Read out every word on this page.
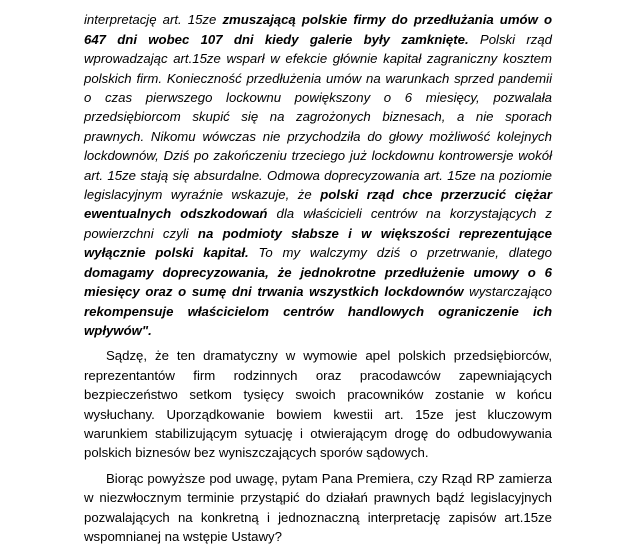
interpretację art. 15ze zmuszającą polskie firmy do przedłużania umów o 647 dni wobec 107 dni kiedy galerie były zamknięte. Polski rząd wprowadzając art.15ze wsparł w efekcie głównie kapitał zagraniczny kosztem polskich firm. Konieczność przedłużenia umów na warunkach sprzed pandemii o czas pierwszego lockownu powiększony o 6 miesięcy, pozwalała przedsiębiorcom skupić się na zagrożonych biznesach, a nie sporach prawnych. Nikomu wówczas nie przychodziła do głowy możliwość kolejnych lockdownów, Dziś po zakończeniu trzeciego już lockdownu kontrowersje wokół art. 15ze stają się absurdalne. Odmowa doprecyzowania art. 15ze na poziomie legislacyjnym wyraźnie wskazuje, że polski rząd chce przerzucić ciężar ewentualnych odszkodowań dla właścicieli centrów na korzystających z powierzchni czyli na podmioty słabsze i w większości reprezentujące wyłącznie polski kapitał. To my walczymy dziś o przetrwanie, dlatego domagamy doprecyzowania, że jednokrotne przedłużenie umowy o 6 miesięcy oraz o sumę dni trwania wszystkich lockdownów wystarczająco rekompensuje właścicielom centrów handlowych ograniczenie ich wpływów".

Sądzę, że ten dramatyczny w wymowie apel polskich przedsiębiorców, reprezentantów firm rodzinnych oraz pracodawców zapewniających bezpieczeństwo setkom tysięcy swoich pracowników zostanie w końcu wysłuchany. Uporządkowanie bowiem kwestii art. 15ze jest kluczowym warunkiem stabilizującym sytuację i otwierającym drogę do odbudowywania polskich biznesów bez wyniszczających sporów sądowych.

Biorąc powyższe pod uwagę, pytam Pana Premiera, czy Rząd RP zamierza w niezwłocznym terminie przystąpić do działań prawnych bądź legislacyjnych pozwalających na konkretną i jednoznaczną interpretację zapisów art.15ze wspomnianej na wstępie Ustawy?
